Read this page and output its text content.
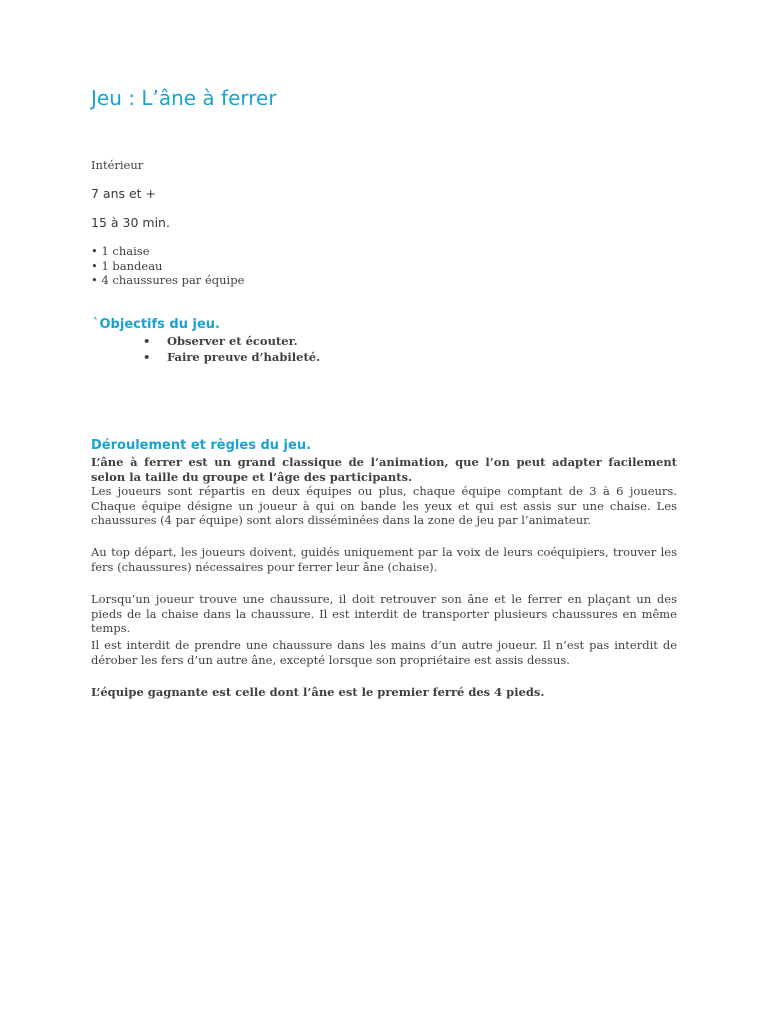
Jeu : L’âne à ferrer

Intérieur

7 ans et +

15 à 30 min.

• 1 chaise
• 1 bandeau
• 4 chaussures par équipe
`Objectifs du jeu.
• Observer et écouter.
• Faire preuve d’habileté.
Déroulement et règles du jeu.

L’âne à ferrer est un grand classique de l’animation, que l’on peut adapter facilement selon la taille du groupe et l’âge des participants.

Les joueurs sont répartis en deux équipes ou plus, chaque équipe comptant de 3 à 6 joueurs. Chaque équipe désigne un joueur à qui on bande les yeux et qui est assis sur une chaise. Les chaussures (4 par équipe) sont alors disséminées dans la zone de jeu par l’animateur.

Au top départ, les joueurs doivent, guidés uniquement par la voix de leurs coéquipiers, trouver les fers (chaussures) nécessaires pour ferrer leur âne (chaise).

Lorsqu’un joueur trouve une chaussure, il doit retrouver son âne et le ferrer en plaçant un des pieds de la chaise dans la chaussure. Il est interdit de transporter plusieurs chaussures en même temps.

Il est interdit de prendre une chaussure dans les mains d’un autre joueur. Il n’est pas interdit de dérober les fers d’un autre âne, excepté lorsque son propriétaire est assis dessus.

L’équipe gagnante est celle dont l’âne est le premier ferré des 4 pieds.
